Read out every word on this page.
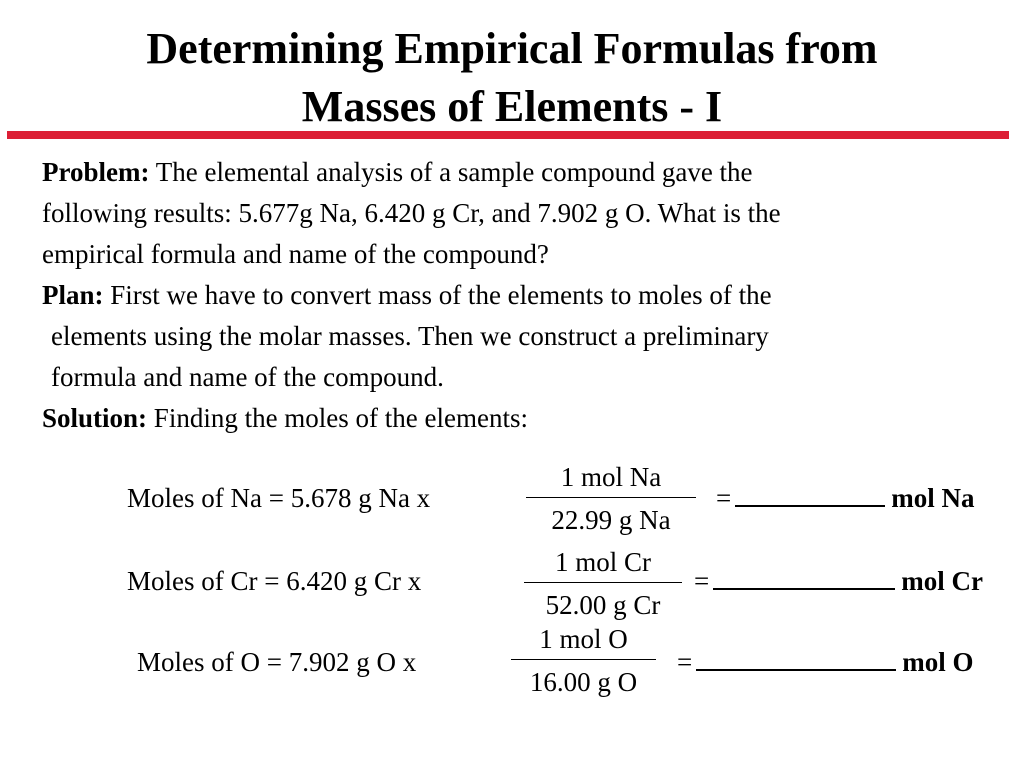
Determining Empirical Formulas from
Masses of Elements - I
Problem: The elemental analysis of a sample compound gave the
following results: 5.677g Na, 6.420 g Cr, and 7.902 g O. What is the
empirical formula and name of the compound?
Plan: First we have to convert mass of the elements to moles of the
elements using the molar masses. Then we construct a preliminary
formula and name of the compound.
Solution: Finding the moles of the elements:
Moles of Na = 5.678 g Na x
1 mol Na
22.99 g Na
=	mol Na
Moles of Cr = 6.420 g Cr x
1 mol Cr
52.00 g Cr
=	mol Cr
Moles of O = 7.902 g O x
1 mol O
16.00 g O
=	mol O
